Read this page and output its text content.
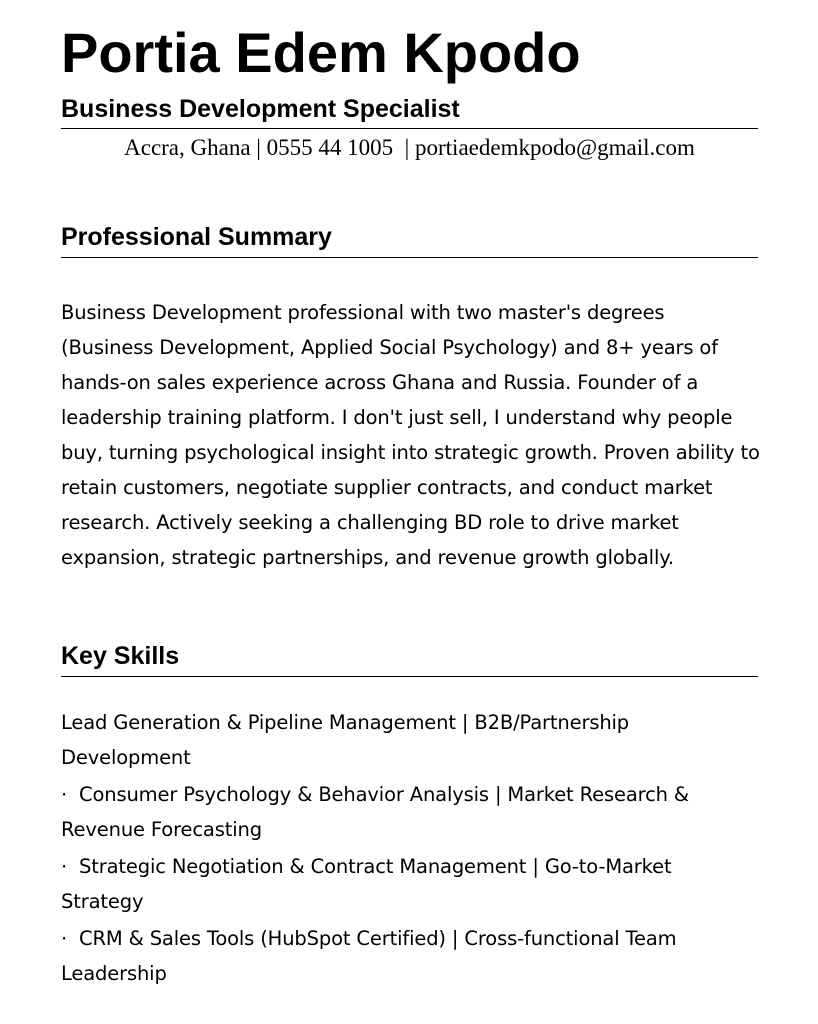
Portia Edem Kpodo
Business Development Specialist
Accra, Ghana | 0555 44 1005  | portiaedemkpodo@gmail.com
Professional Summary

Business Development professional with two master's degrees (Business Development, Applied Social Psychology) and 8+ years of hands-on sales experience across Ghana and Russia. Founder of a leadership training platform. I don't just sell, I understand why people buy, turning psychological insight into strategic growth. Proven ability to retain customers, negotiate supplier contracts, and conduct market research. Actively seeking a challenging BD role to drive market expansion, strategic partnerships, and revenue growth globally.

Key Skills
Lead Generation & Pipeline Management | B2B/Partnership Development
· Consumer Psychology & Behavior Analysis | Market Research & Revenue Forecasting
· Strategic Negotiation & Contract Management | Go-to-Market Strategy
· CRM & Sales Tools (HubSpot Certified) | Cross-functional Team Leadership
